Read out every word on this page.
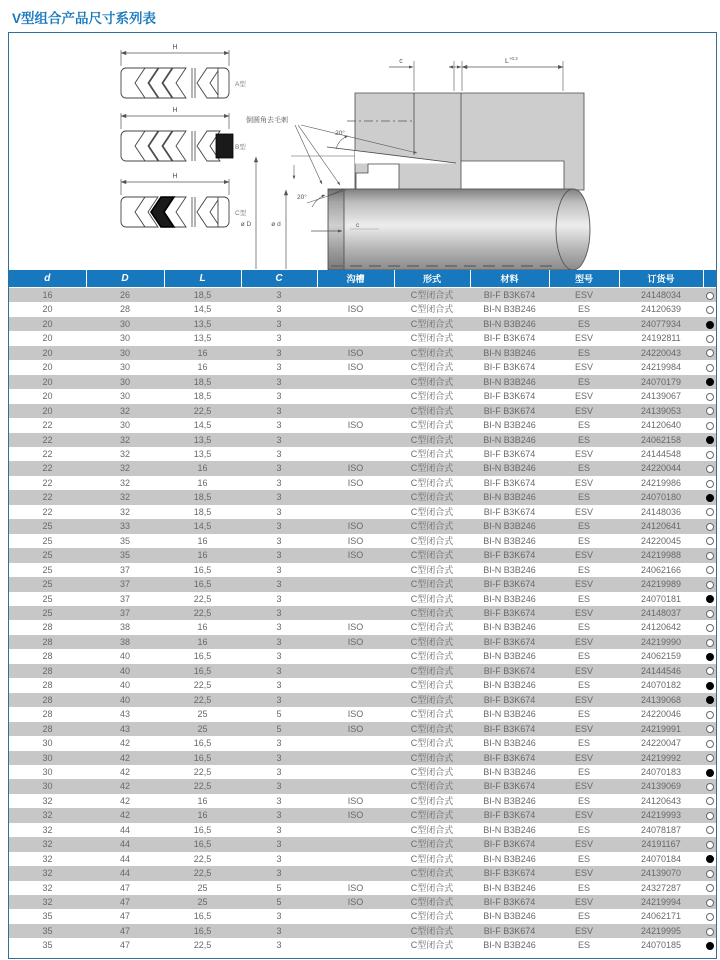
V型组合产品尺寸系列表
H
A型
H
B型
H
C型
c	$L^{+0.2}$
倒圆角去毛刺
20°
20°
ø D	ø d	c
d	D	L	C	沟槽	形式	材料	型号	订货号	
16	26	18,5	3		C型闭合式	BI-F B3K674	ESV	24148034	
20	28	14,5	3	ISO	C型闭合式	BI-N B3B246	ES	24120639	
20	30	13,5	3		C型闭合式	BI-N B3B246	ES	24077934	
20	30	13,5	3		C型闭合式	BI-F B3K674	ESV	24192811	
20	30	16	3	ISO	C型闭合式	BI-N B3B246	ES	24220043	
20	30	16	3	ISO	C型闭合式	BI-F B3K674	ESV	24219984	
20	30	18,5	3		C型闭合式	BI-N B3B246	ES	24070179	
20	30	18,5	3		C型闭合式	BI-F B3K674	ESV	24139067	
20	32	22,5	3		C型闭合式	BI-F B3K674	ESV	24139053	
22	30	14,5	3	ISO	C型闭合式	BI-N B3B246	ES	24120640	
22	32	13,5	3		C型闭合式	BI-N B3B246	ES	24062158	
22	32	13,5	3		C型闭合式	BI-F B3K674	ESV	24144548	
22	32	16	3	ISO	C型闭合式	BI-N B3B246	ES	24220044	
22	32	16	3	ISO	C型闭合式	BI-F B3K674	ESV	24219986	
22	32	18,5	3		C型闭合式	BI-N B3B246	ES	24070180	
22	32	18,5	3		C型闭合式	BI-F B3K674	ESV	24148036	
25	33	14,5	3	ISO	C型闭合式	BI-N B3B246	ES	24120641	
25	35	16	3	ISO	C型闭合式	BI-N B3B246	ES	24220045	
25	35	16	3	ISO	C型闭合式	BI-F B3K674	ESV	24219988	
25	37	16,5	3		C型闭合式	BI-N B3B246	ES	24062166	
25	37	16,5	3		C型闭合式	BI-F B3K674	ESV	24219989	
25	37	22,5	3		C型闭合式	BI-N B3B246	ES	24070181	
25	37	22,5	3		C型闭合式	BI-F B3K674	ESV	24148037	
28	38	16	3	ISO	C型闭合式	BI-N B3B246	ES	24120642	
28	38	16	3	ISO	C型闭合式	BI-F B3K674	ESV	24219990	
28	40	16,5	3		C型闭合式	BI-N B3B246	ES	24062159	
28	40	16,5	3		C型闭合式	BI-F B3K674	ESV	24144546	
28	40	22,5	3		C型闭合式	BI-N B3B246	ES	24070182	
28	40	22,5	3		C型闭合式	BI-F B3K674	ESV	24139068	
28	43	25	5	ISO	C型闭合式	BI-N B3B246	ES	24220046	
28	43	25	5	ISO	C型闭合式	BI-F B3K674	ESV	24219991	
30	42	16,5	3		C型闭合式	BI-N B3B246	ES	24220047	
30	42	16,5	3		C型闭合式	BI-F B3K674	ESV	24219992	
30	42	22,5	3		C型闭合式	BI-N B3B246	ES	24070183	
30	42	22,5	3		C型闭合式	BI-F B3K674	ESV	24139069	
32	42	16	3	ISO	C型闭合式	BI-N B3B246	ES	24120643	
32	42	16	3	ISO	C型闭合式	BI-F B3K674	ESV	24219993	
32	44	16,5	3		C型闭合式	BI-N B3B246	ES	24078187	
32	44	16,5	3		C型闭合式	BI-F B3K674	ESV	24191167	
32	44	22,5	3		C型闭合式	BI-N B3B246	ES	24070184	
32	44	22,5	3		C型闭合式	BI-F B3K674	ESV	24139070	
32	47	25	5	ISO	C型闭合式	BI-N B3B246	ES	24327287	
32	47	25	5	ISO	C型闭合式	BI-F B3K674	ESV	24219994	
35	47	16,5	3		C型闭合式	BI-N B3B246	ES	24062171	
35	47	16,5	3		C型闭合式	BI-F B3K674	ESV	24219995	
35	47	22,5	3		C型闭合式	BI-N B3B246	ES	24070185	
